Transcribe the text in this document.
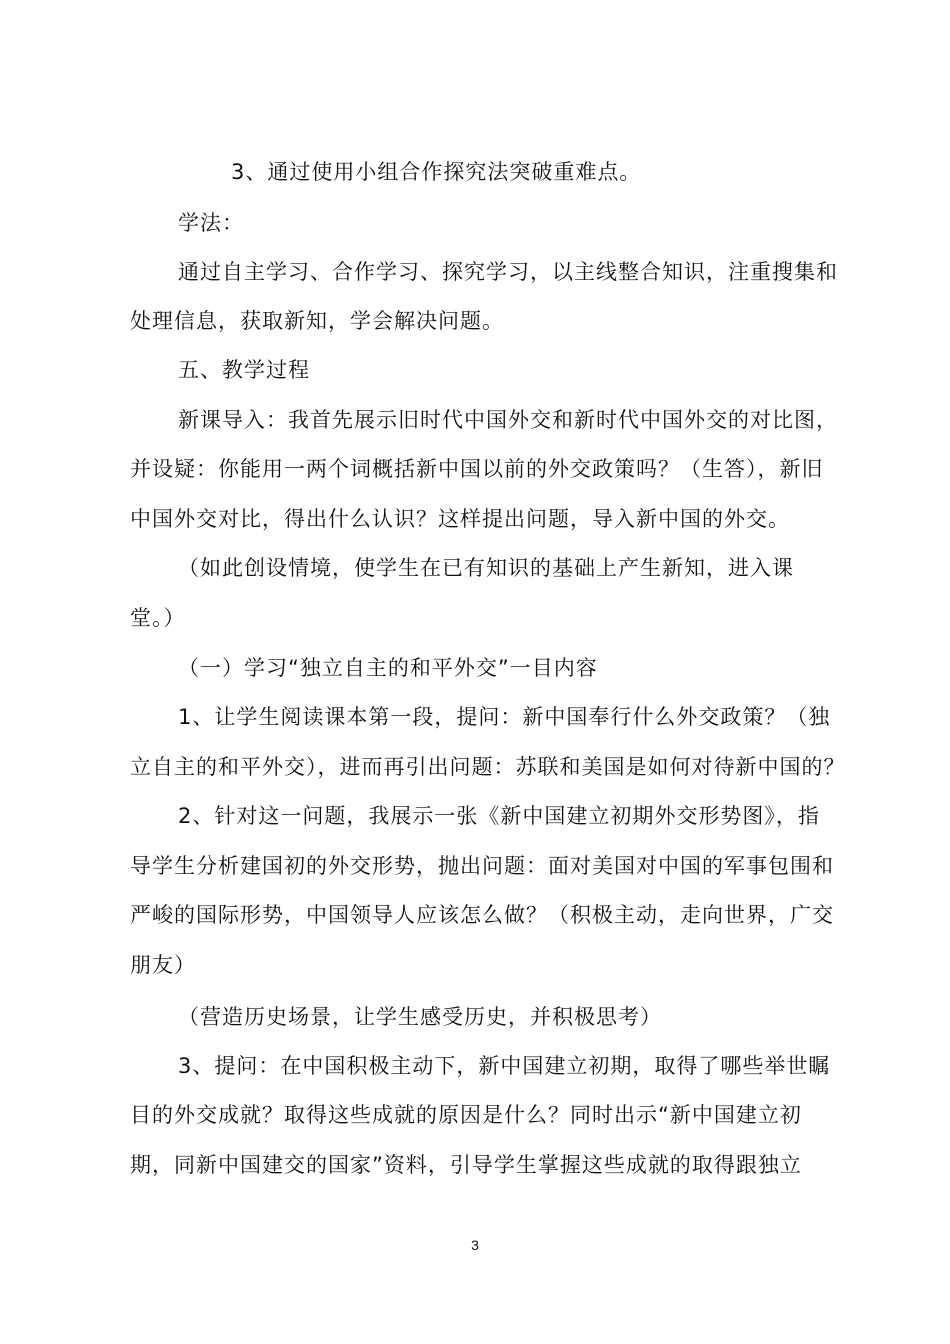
3、通过使用小组合作探究法突破重难点。
学法：
通过自主学习、合作学习、探究学习，以主线整合知识，注重搜集和
处理信息，获取新知，学会解决问题。
五、教学过程
新课导入：我首先展示旧时代中国外交和新时代中国外交的对比图，
并设疑：你能用一两个词概括新中国以前的外交政策吗？（生答），新旧
中国外交对比，得出什么认识？这样提出问题，导入新中国的外交。
（如此创设情境，使学生在已有知识的基础上产生新知，进入课
堂。）
（一）学习“独立自主的和平外交”一目内容
1、让学生阅读课本第一段，提问：新中国奉行什么外交政策？（独
立自主的和平外交），进而再引出问题：苏联和美国是如何对待新中国的？
2、针对这一问题，我展示一张《新中国建立初期外交形势图》，指
导学生分析建国初的外交形势，抛出问题：面对美国对中国的军事包围和
严峻的国际形势，中国领导人应该怎么做？（积极主动，走向世界，广交
朋友）
（营造历史场景，让学生感受历史，并积极思考）
3、提问：在中国积极主动下，新中国建立初期，取得了哪些举世瞩
目的外交成就？取得这些成就的原因是什么？同时出示“新中国建立初
期，同新中国建交的国家”资料，引导学生掌握这些成就的取得跟独立
3
